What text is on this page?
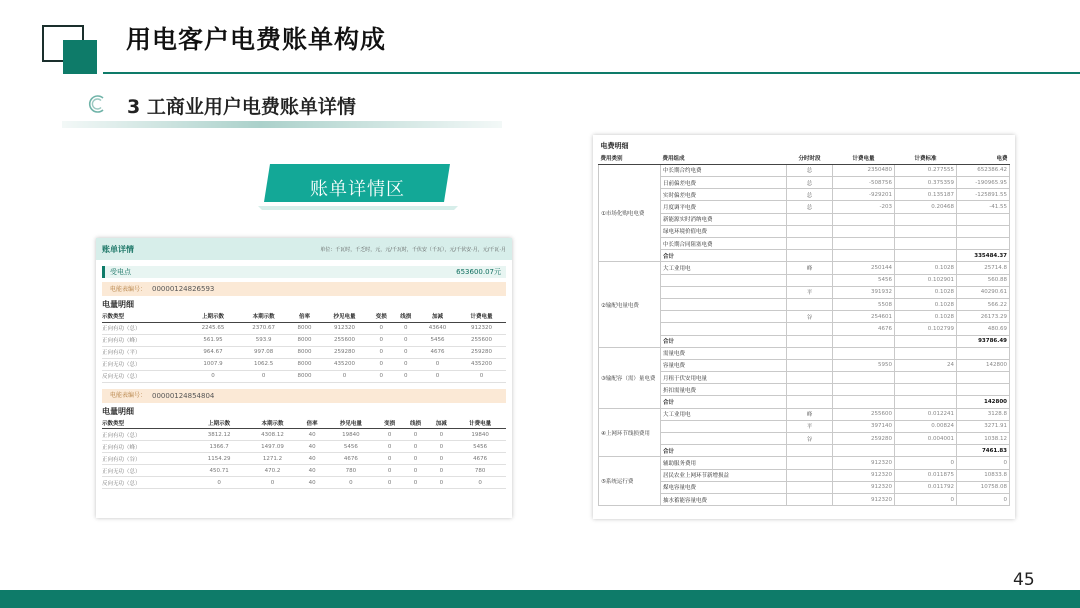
用电客户电费账单构成
3 工商业用户电费账单详情
账单详情区
账单详情	单位：千瓦时，千乏时，元，元/千瓦时，千伏安（千瓦），元/千伏安·月，元/千瓦·月
受电点	653600.07元
电能表编号： 00000124826593
电量明细
示数类型	上期示数	本期示数	倍率	抄见电量	变损	线损	加减	计费电量
正向有功（总）	2245.65	2370.67	8000	912320	0	0	43640	912320
正向有功（峰）	561.95	593.9	8000	255600	0	0	5456	255600
正向有功（平）	964.67	997.08	8000	259280	0	0	4676	259280
正向无功（总）	1007.9	1062.5	8000	435200	0	0	0	435200
反向无功（总）	0	0	8000	0	0	0	0	0
电能表编号： 00000124854804
电量明细
示数类型	上期示数	本期示数	倍率	抄见电量	变损	线损	加减	计费电量
正向有功（总）	3812.12	4308.12	40	19840	0	0	0	19840
正向有功（峰）	1366.7	1497.09	40	5456	0	0	0	5456
正向有功（谷）	1154.29	1271.2	40	4676	0	0	0	4676
正向无功（总）	450.71	470.2	40	780	0	0	0	780
反向无功（总）	0	0	40	0	0	0	0	0
电费明细					
费用类别	费用组成	分时时段	计费电量	计费标准	电费
①市场化购电电费	中长期合约电费	总	2350480	0.277555	652386.42
	日前偏差电费	总	-508756	0.375359	-190965.95
	实时偏差电费	总	-929201	0.135187	-125891.55
	月度调平电费	总	-203	0.20468	-41.55
	新能源实时消纳电费				
	绿电环境价值电费				
	中长期合同阻塞电费				
	合计				335484.37
②输配电量电费	大工业用电	峰	250144	0.1028	25714.8
			5456	0.102901	560.88
		平	391932	0.1028	40290.61
			5508	0.1028	566.22
		谷	254601	0.1028	26173.29
			4676	0.102799	480.69
	合计				93786.49
③输配容（需）量电费	需量电费				
	容量电费		5950	24	142800
	月租于伏安用电量				
	折扣需量电费				
	合计				142800
④上网环节线损费用	大工业用电	峰	255600	0.012241	3128.8
		平	397140	0.00824	3271.91
		谷	259280	0.004001	1038.12
	合计				7461.83
⑤系统运行费	辅助服务费用		912320	0	0
	居民农业上网环节新增损益		912320	0.011875	10833.8
	煤电容量电费		912320	0.011792	10758.08
	抽水蓄能容量电费		912320	0	0
45
